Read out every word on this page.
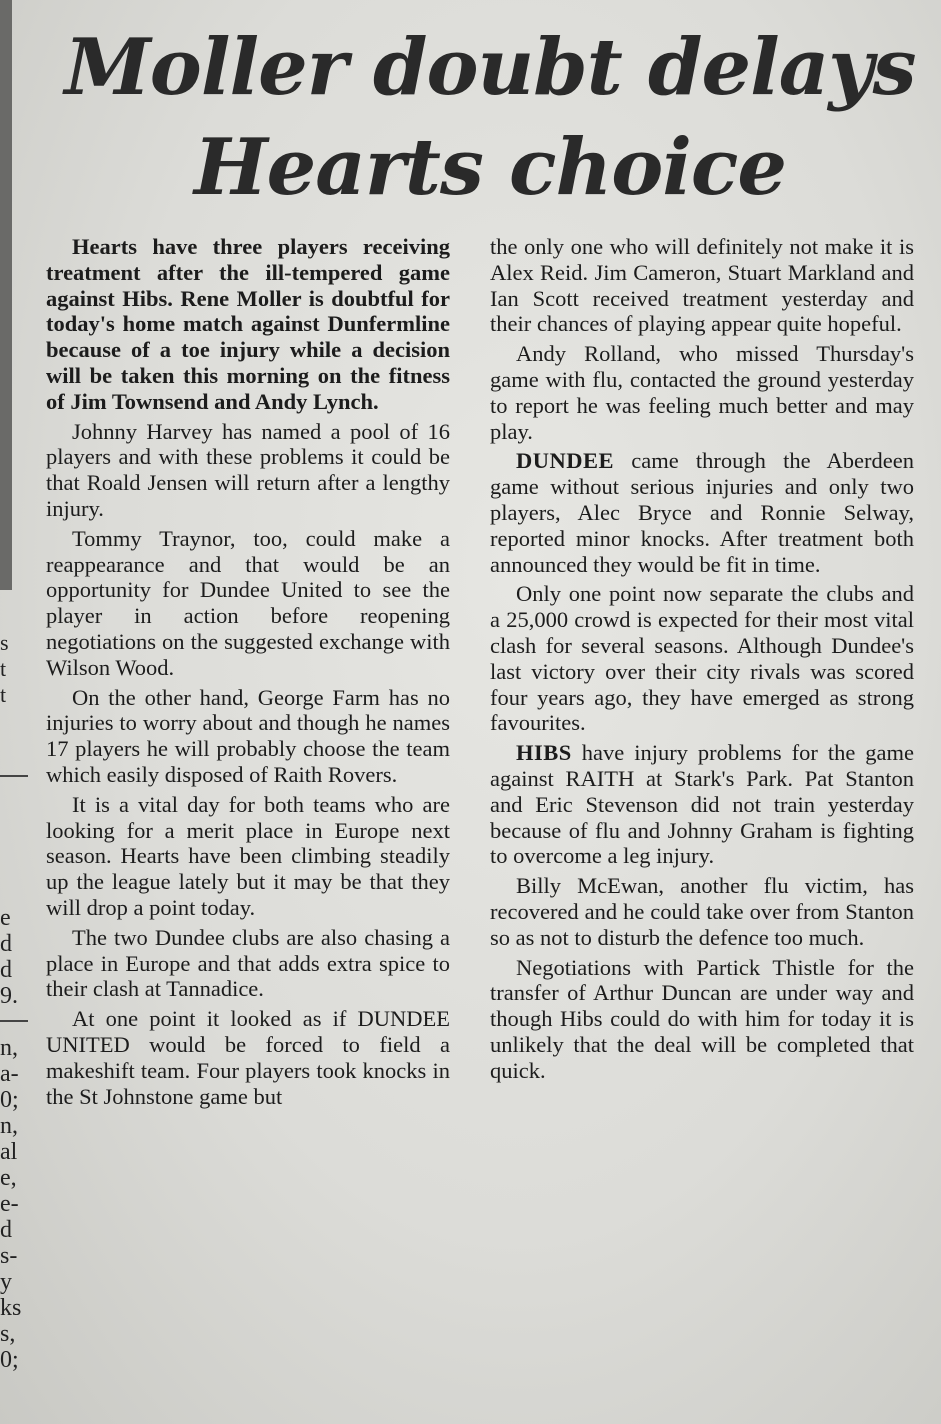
s
t
t
e
d
d
9.

n,
a-
0;
n,
al
e,
e-
d
s-
y
ks
s,
0;
Moller doubt delays
Hearts choice

Hearts have three players receiving treatment after the ill-tempered game against Hibs. Rene Moller is doubtful for today's home match against Dunfermline because of a toe injury while a decision will be taken this morning on the fitness of Jim Townsend and Andy Lynch.

Johnny Harvey has named a pool of 16 players and with these problems it could be that Roald Jensen will return after a lengthy injury.

Tommy Traynor, too, could make a reappearance and that would be an opportunity for Dundee United to see the player in action before reopening negotiations on the suggested exchange with Wilson Wood.

On the other hand, George Farm has no injuries to worry about and though he names 17 players he will probably choose the team which easily disposed of Raith Rovers.

It is a vital day for both teams who are looking for a merit place in Europe next season. Hearts have been climbing steadily up the league lately but it may be that they will drop a point today.

The two Dundee clubs are also chasing a place in Europe and that adds extra spice to their clash at Tannadice.

At one point it looked as if DUNDEE UNITED would be forced to field a makeshift team. Four players took knocks in the St Johnstone game but

the only one who will definitely not make it is Alex Reid. Jim Cameron, Stuart Markland and Ian Scott received treatment yesterday and their chances of playing appear quite hopeful.

Andy Rolland, who missed Thursday's game with flu, contacted the ground yesterday to report he was feeling much better and may play.

DUNDEE came through the Aberdeen game without serious injuries and only two players, Alec Bryce and Ronnie Selway, reported minor knocks. After treatment both announced they would be fit in time.

Only one point now separate the clubs and a 25,000 crowd is expected for their most vital clash for several seasons. Although Dundee's last victory over their city rivals was scored four years ago, they have emerged as strong favourites.

HIBS have injury problems for the game against RAITH at Stark's Park. Pat Stanton and Eric Stevenson did not train yesterday because of flu and Johnny Graham is fighting to overcome a leg injury.

Billy McEwan, another flu victim, has recovered and he could take over from Stanton so as not to disturb the defence too much.

Negotiations with Partick Thistle for the transfer of Arthur Duncan are under way and though Hibs could do with him for today it is unlikely that the deal will be completed that quick.
